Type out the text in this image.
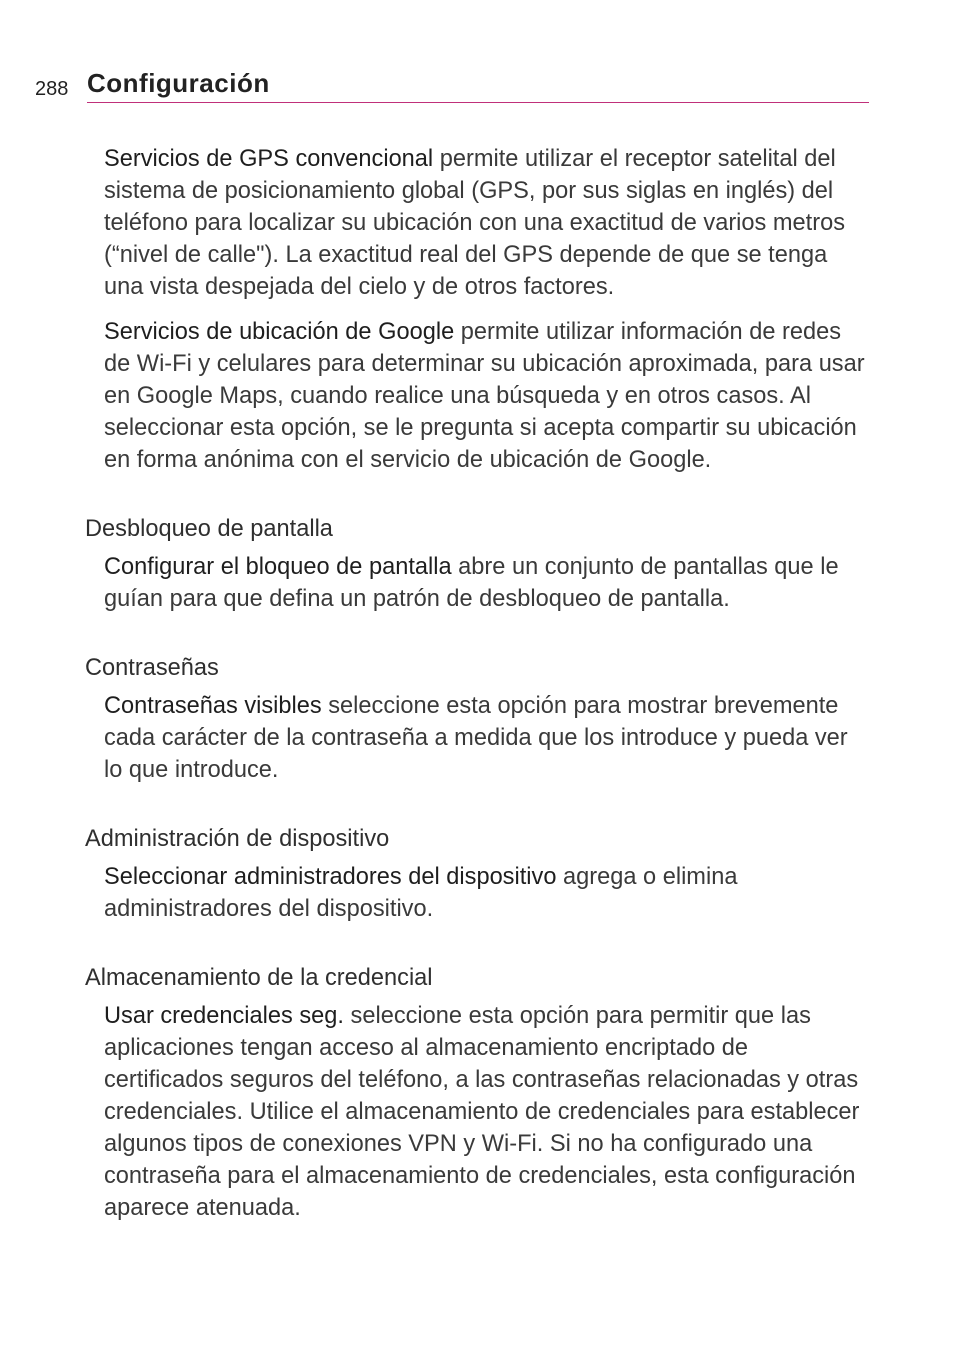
288 Configuración

Servicios de GPS convencional permite utilizar el receptor satelital del sistema de posicionamiento global (GPS, por sus siglas en inglés) del teléfono para localizar su ubicación con una exactitud de varios metros (“nivel de calle"). La exactitud real del GPS depende de que se tenga una vista despejada del cielo y de otros factores.

Servicios de ubicación de Google permite utilizar información de redes de Wi-Fi y celulares para determinar su ubicación aproximada, para usar en Google Maps, cuando realice una búsqueda y en otros casos. Al seleccionar esta opción, se le pregunta si acepta compartir su ubicación en forma anónima con el servicio de ubicación de Google.

Desbloqueo de pantalla

Configurar el bloqueo de pantalla abre un conjunto de pantallas que le guían para que defina un patrón de desbloqueo de pantalla.

Contraseñas

Contraseñas visibles seleccione esta opción para mostrar brevemente cada carácter de la contraseña a medida que los introduce y pueda ver lo que introduce.

Administración de dispositivo

Seleccionar administradores del dispositivo agrega o elimina administradores del dispositivo.

Almacenamiento de la credencial

Usar credenciales seg. seleccione esta opción para permitir que las aplicaciones tengan acceso al almacenamiento encriptado de certificados seguros del teléfono, a las contraseñas relacionadas y otras credenciales. Utilice el almacenamiento de credenciales para establecer algunos tipos de conexiones VPN y Wi-Fi. Si no ha configurado una contraseña para el almacenamiento de credenciales, esta configuración aparece atenuada.
